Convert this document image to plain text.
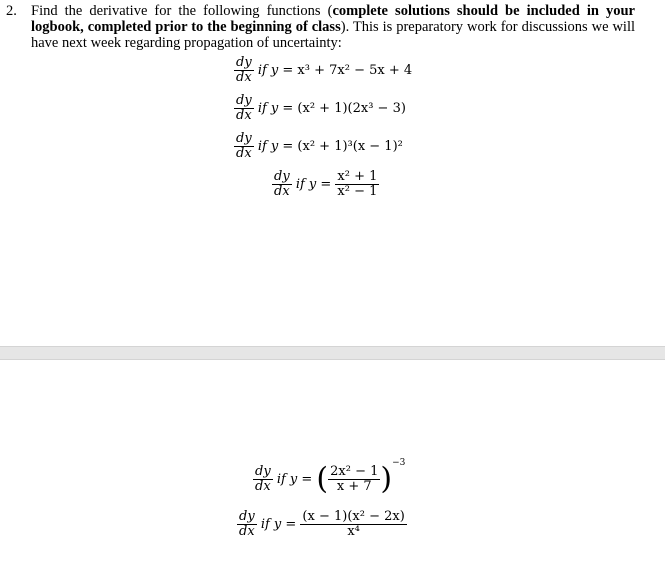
2. Find the derivative for the following functions (complete solutions should be included in your logbook, completed prior to the beginning of class). This is preparatory work for discussions we will have next week regarding propagation of uncertainty:
$\frac{dy}{dx}$ if y = x³ + 7x² − 5x + 4
$\frac{dy}{dx}$ if y = (x² + 1)(2x³ − 3)
$\frac{dy}{dx}$ if y = (x² + 1)³(x − 1)²
$\frac{dy}{dx}$ if $y = \frac{\text{x² + 1}}{\text{x² − 1}}$
$\frac{dy}{dx}$ if y = ( $\frac{\text{2x² − 1}}{x + 7} )^{-3}$
$\frac{dy}{dx}$ if $y = \frac{\text{(x − 1)(x² − 2x)}}{\text{x⁴}}$
